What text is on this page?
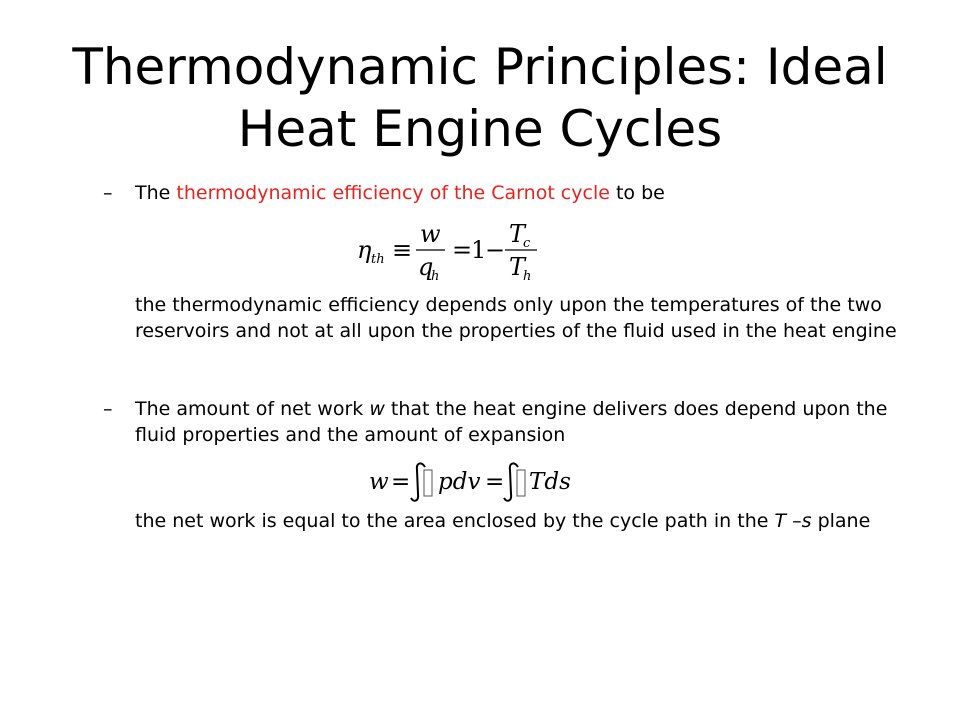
Thermodynamic Principles: Ideal
Heat Engine Cycles
– The thermodynamic efficiency of the Carnot cycle to be
η th ≡
w
q
h
=
1
−
T
c
T
h
the thermodynamic efficiency depends only upon the temperatures of the two reservoirs and not at all upon the properties of the fluid used in the heat engine
– The amount of net work w that the heat engine delivers does depend upon the fluid properties and the amount of expansion
w = pdv = Tds
the net work is equal to the area enclosed by the cycle path in the T –s plane
